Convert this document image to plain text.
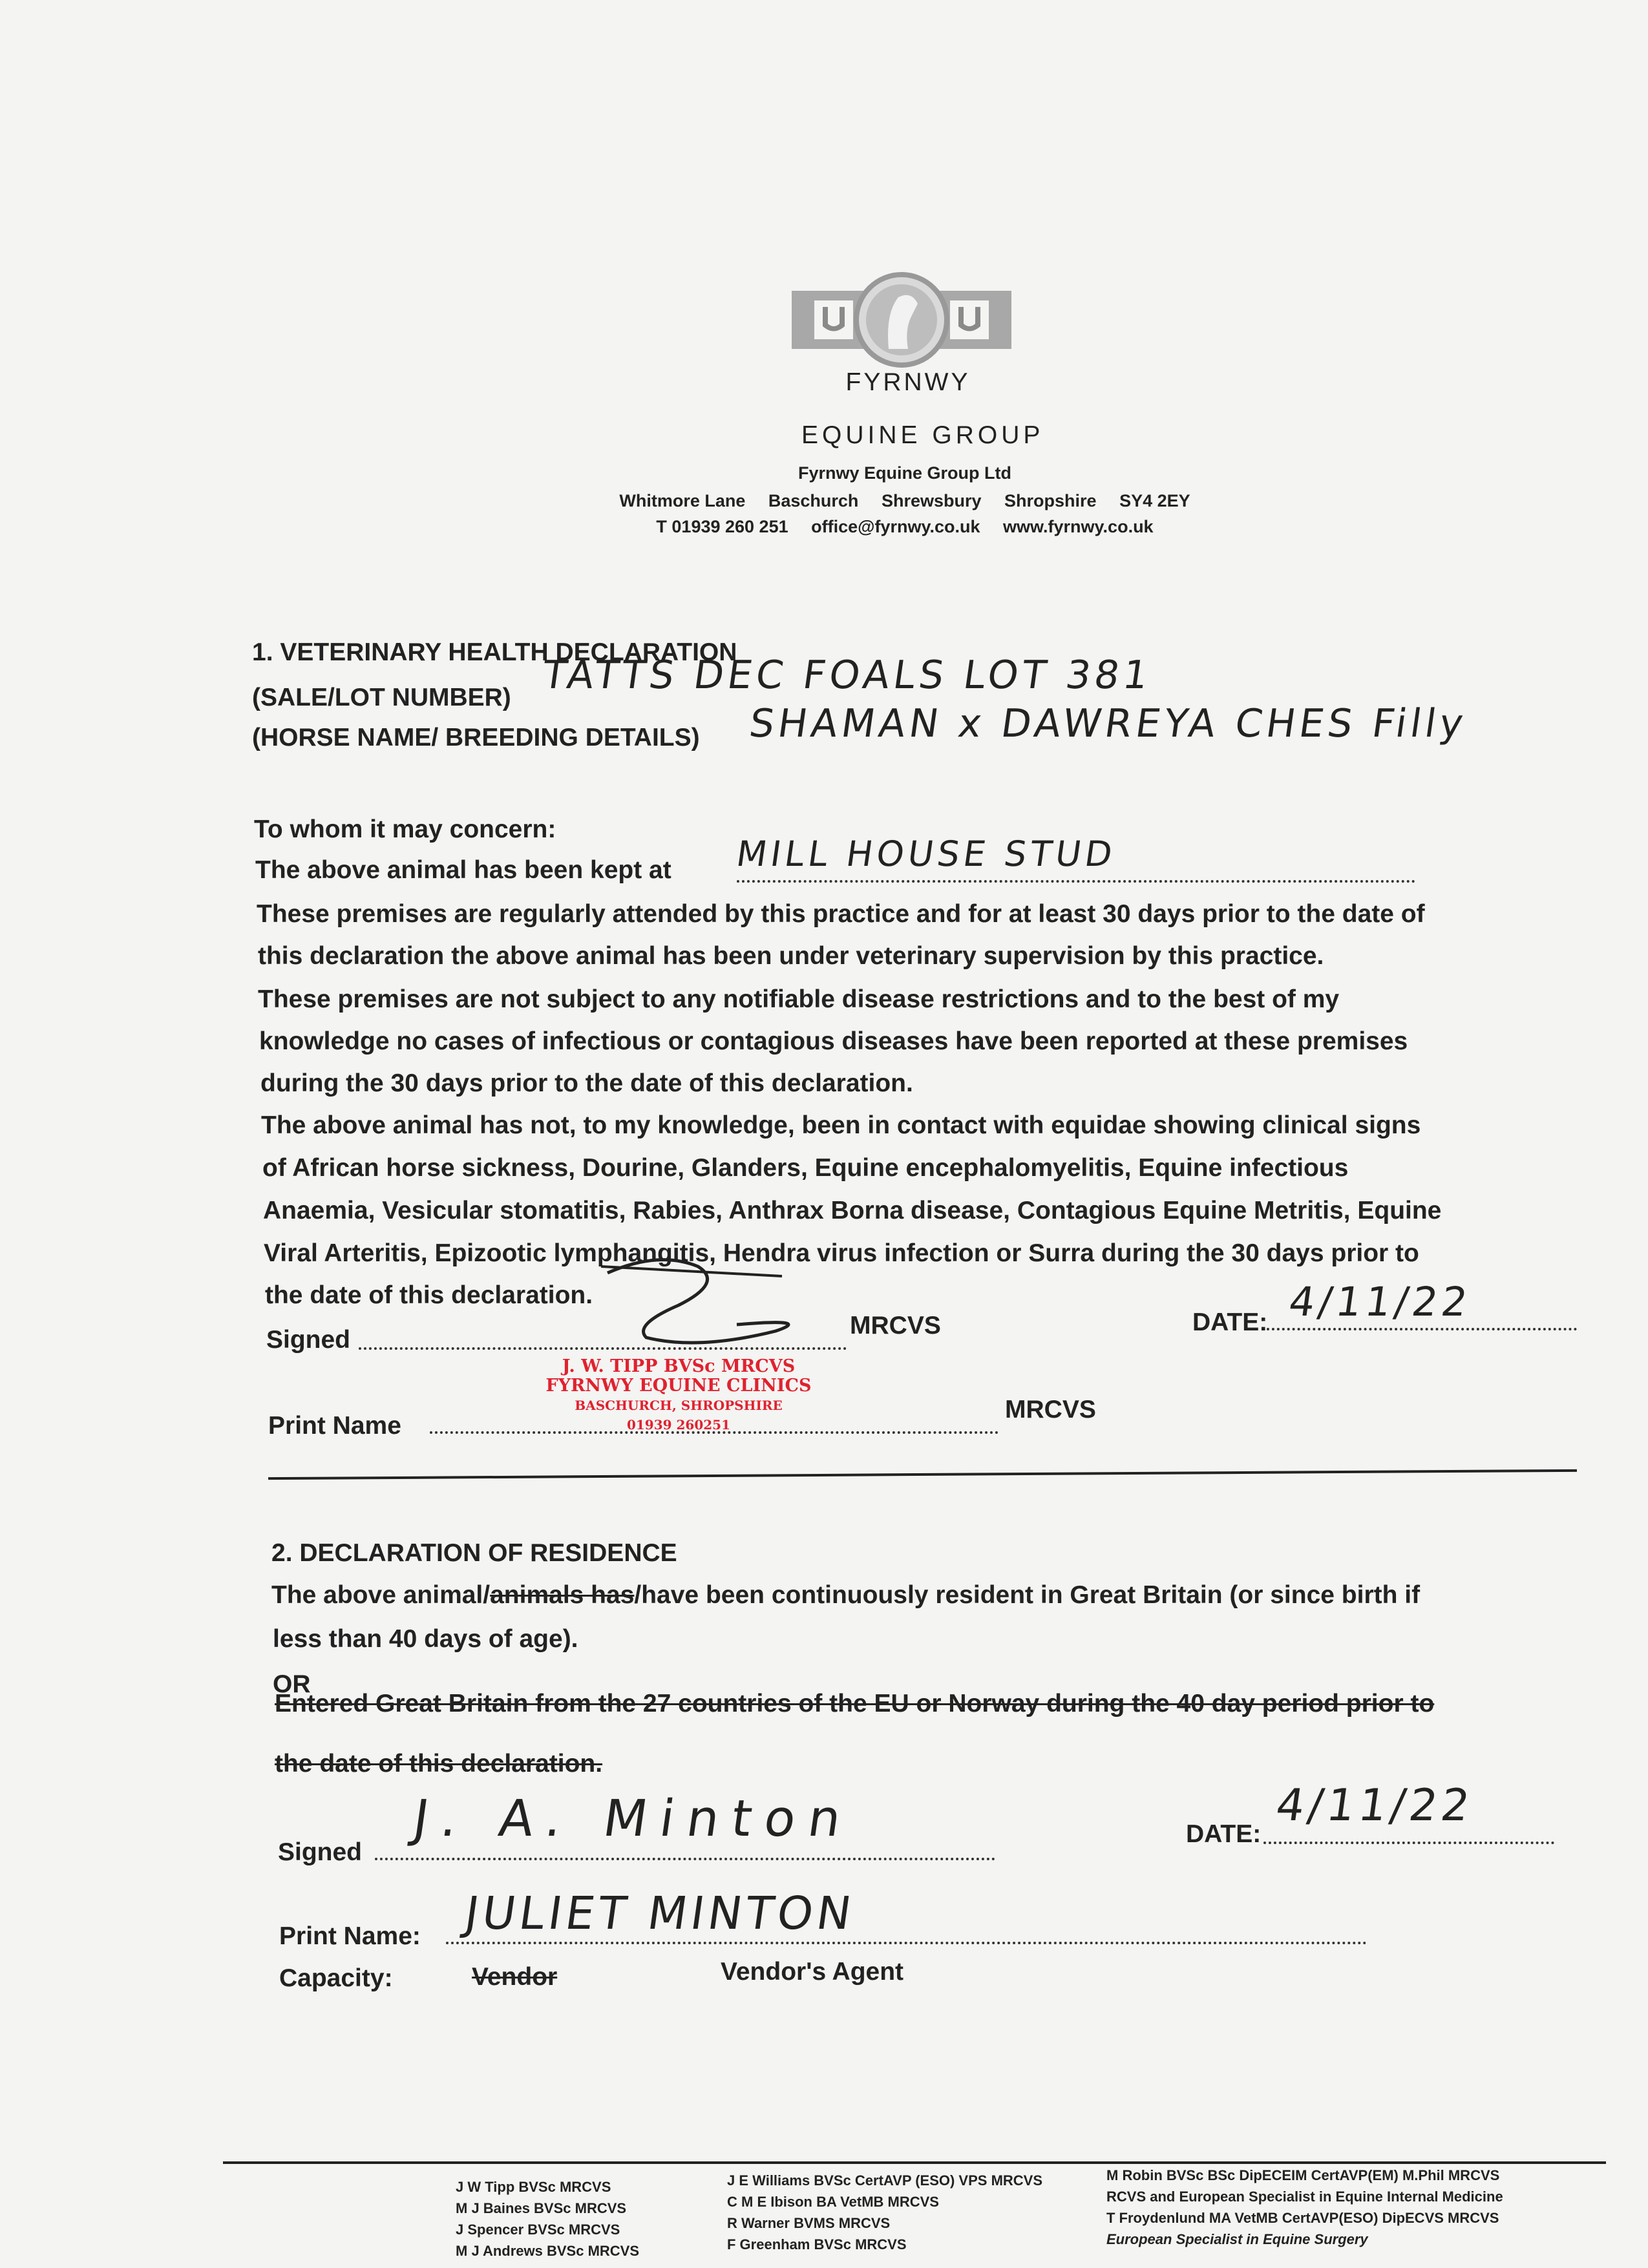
FYRNWY
EQUINE GROUP
Fyrnwy Equine Group Ltd
Whitmore Lane Baschurch Shrewsbury Shropshire SY4 2EY
T 01939 260 251 office@fyrnwy.co.uk www.fyrnwy.co.uk
1. VETERINARY HEALTH DECLARATION
(SALE/LOT NUMBER) TATTS DEC FOALS LOT 381
(HORSE NAME/ BREEDING DETAILS) SHAMAN x DAWREYA CHES Filly
To whom it may concern:
The above animal has been kept at MILL HOUSE STUD
These premises are regularly attended by this practice and for at least 30 days prior to the date of
this declaration the above animal has been under veterinary supervision by this practice.
These premises are not subject to any notifiable disease restrictions and to the best of my
knowledge no cases of infectious or contagious diseases have been reported at these premises
during the 30 days prior to the date of this declaration.
The above animal has not, to my knowledge, been in contact with equidae showing clinical signs
of African horse sickness, Dourine, Glanders, Equine encephalomyelitis, Equine infectious
Anaemia, Vesicular stomatitis, Rabies, Anthrax Borna disease, Contagious Equine Metritis, Equine
Viral Arteritis, Epizootic lymphangitis, Hendra virus infection or Surra during the 30 days prior to
the date of this declaration.
Signed
MRCVS	DATE: 4/11/22
J. W. TIPP BVSc MRCVS
FYRNWY EQUINE CLINICS
BASCHURCH, SHROPSHIRE
01939 260251
Print Name
MRCVS
2. DECLARATION OF RESIDENCE
The above animal/animals has/have been continuously resident in Great Britain (or since birth if
less than 40 days of age).
OR
Entered Great Britain from the 27 countries of the EU or Norway during the 40 day period prior to
the date of this declaration.
Signed
J. A. Minton	DATE:
4/11/22
Print Name: JULIET MINTON
Capacity:	Vendor	Vendor's Agent
J W Tipp BVSc MRCVS
M J Baines BVSc MRCVS
J Spencer BVSc MRCVS
M J Andrews BVSc MRCVS
J E Williams BVSc CertAVP (ESO) VPS MRCVS
C M E Ibison BA VetMB MRCVS
R Warner BVMS MRCVS
F Greenham BVSc MRCVS
M Robin BVSc BSc DipECEIM CertAVP(EM) M.Phil MRCVS
RCVS and European Specialist in Equine Internal Medicine
T Froydenlund MA VetMB CertAVP(ESO) DipECVS MRCVS
European Specialist in Equine Surgery
